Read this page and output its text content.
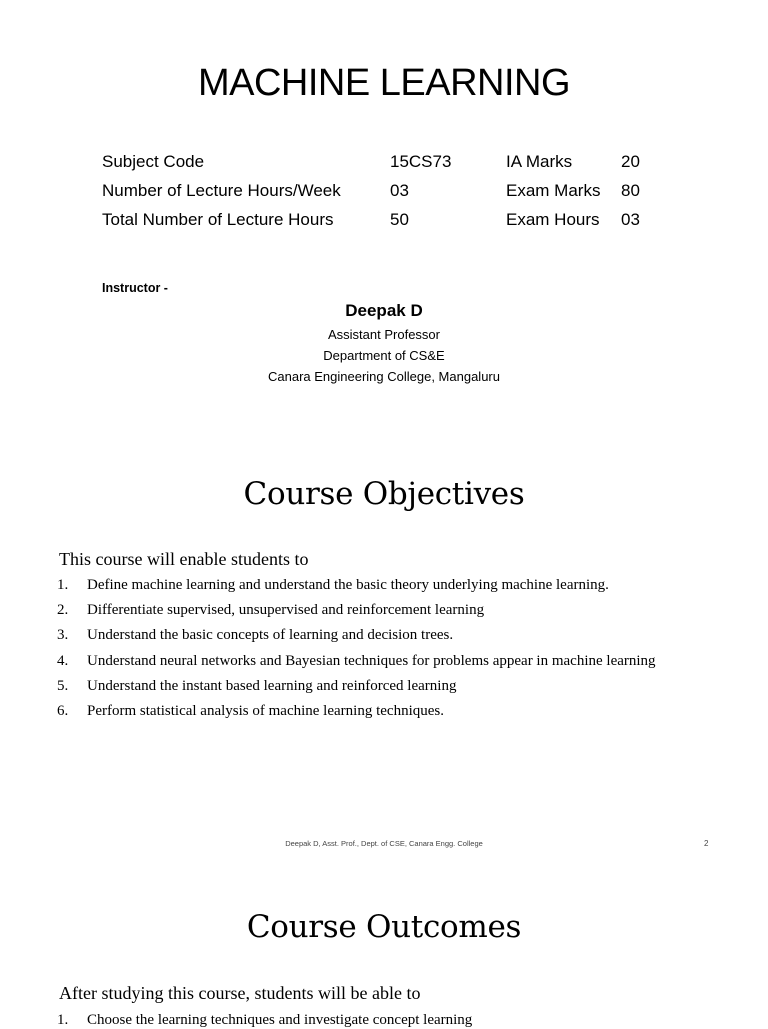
MACHINE LEARNING
Subject Code	15CS73	IA Marks	20
Number of Lecture Hours/Week	03	Exam Marks 80
Total Number of Lecture Hours	50	Exam Hours 03
Instructor -
Deepak D
Assistant Professor
Department of CS&E
Canara Engineering College, Mangaluru
Course Objectives
This course will enable students to
1. Define machine learning and understand the basic theory underlying machine learning.
2. Differentiate supervised, unsupervised and reinforcement learning
3. Understand the basic concepts of learning and decision trees.
4. Understand neural networks and Bayesian techniques for problems appear in machine learning
5. Understand the instant based learning and reinforced learning
6. Perform statistical analysis of machine learning techniques.
Deepak D, Asst. Prof., Dept. of CSE, Canara Engg. College	2
Course Outcomes
After studying this course, students will be able to
1. Choose the learning techniques and investigate concept learning
